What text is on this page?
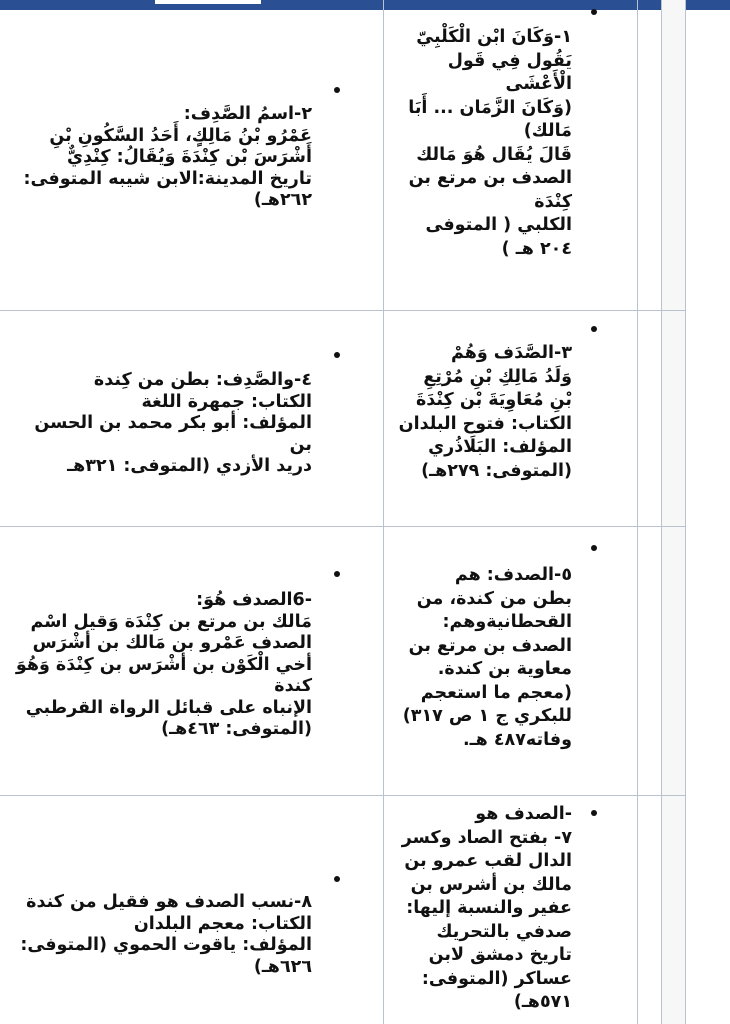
١-وَكَانَ ابْن الْكَلْبِيّ
يَقُول فِي قَول
الْأَعْشَى
(وَكَانَ الزَّمَان ... أَبَا
مَالك)
قَالَ يُقَال هُوَ مَالك
الصدف بن مرتع بن
كِنْدَة
الكلبي ( المتوفى
٢٠٤ هـ )
٢-اسمُ الصَّدِف:
عَمْرُو بْنُ مَالِكٍ، أَحَدُ السَّكُونِ بْنِ
أَشْرَسَ بْن كِنْدَةَ وَيُقَالُ: كِنْدِيٌّ
تاريخ المدينة:الابن شيبه المتوفى:
٢٦٢هـ)
٣-الصَّدَف وَهُمْ
وَلَدُ مَالِكِ بْنِ مُرْتِعِ
بْنِ مُعَاوِيَةَ بْن كِنْدَةَ
الكتاب: فتوح البلدان
المؤلف: البَلَاذُري
(المتوفى: ٢٧٩هـ)
٤-والصَّدِف: بطن من كِندة
الكتاب: جمهرة اللغة
المؤلف: أبو بكر محمد بن الحسن بن
دريد الأزدي (المتوفى: ٣٢١هـ
٥-الصدف: هم
بطن من كندة، من
القحطانيةوهم:
الصدف بن مرتع بن
معاوية بن كندة.
(معجم ما استعجم
للبكري ج ١ ص ٣١٧)
وفاته٤٨٧ هـ.
-6الصدف هُوَ:
مَالك بن مرتع بن كِنْدَة وَقيل اسْم
الصدف عَمْرو بن مَالك بن أشْرَس
أخي الْكَوْن بن أشْرَس بن كِنْدَة وَهُوَ
كندة
الإنباه على قبائل الرواة القرطبي
(المتوفى: ٤٦٣هـ)
-الصدف هو
٧- بفتح الصاد وكسر
الدال لقب عمرو بن
مالك بن أشرس بن
عفير والنسبة إليها:
صدفي بالتحريك
تاريخ دمشق لابن
عساكر (المتوفى:
٥٧١هـ)
٨-نسب الصدف هو فقيل من كندة
الكتاب: معجم البلدان
المؤلف: ياقوت الحموي (المتوفى:
٦٢٦هـ)
